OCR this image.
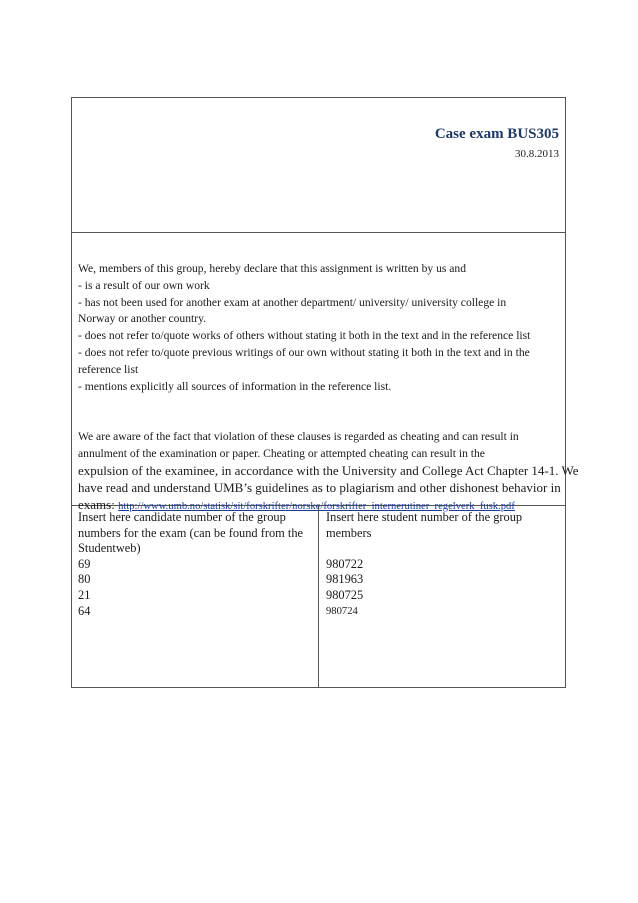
Case exam BUS305
30.8.2013

We, members of this group, hereby declare that this assignment is written by us and

- is a result of our own work

- has not been used for another exam at another department/ university/ university college in

Norway or another country.

- does not refer to/quote works of others without stating it both in the text and in the reference list

- does not refer to/quote previous writings of our own without stating it both in the text and in the

reference list

- mentions explicitly all sources of information in the reference list.

We are aware of the fact that violation of these clauses is regarded as cheating and can result in

annulment of the examination or paper. Cheating or attempted cheating can result in the

expulsion of the examinee, in accordance with the University and College Act Chapter 14-1. We

have read and understand UMB’s guidelines as to plagiarism and other dishonest behavior in

exams: http://www.umb.no/statisk/sit/forskrifter/norske/forskrifter_internerutiner_regelverk_fusk.pdf

Insert here candidate number of the group

numbers for the exam (can be found from the

Studentweb)

69

80

21

64

Insert here student number of the group

members

980722

981963

980725

980724
